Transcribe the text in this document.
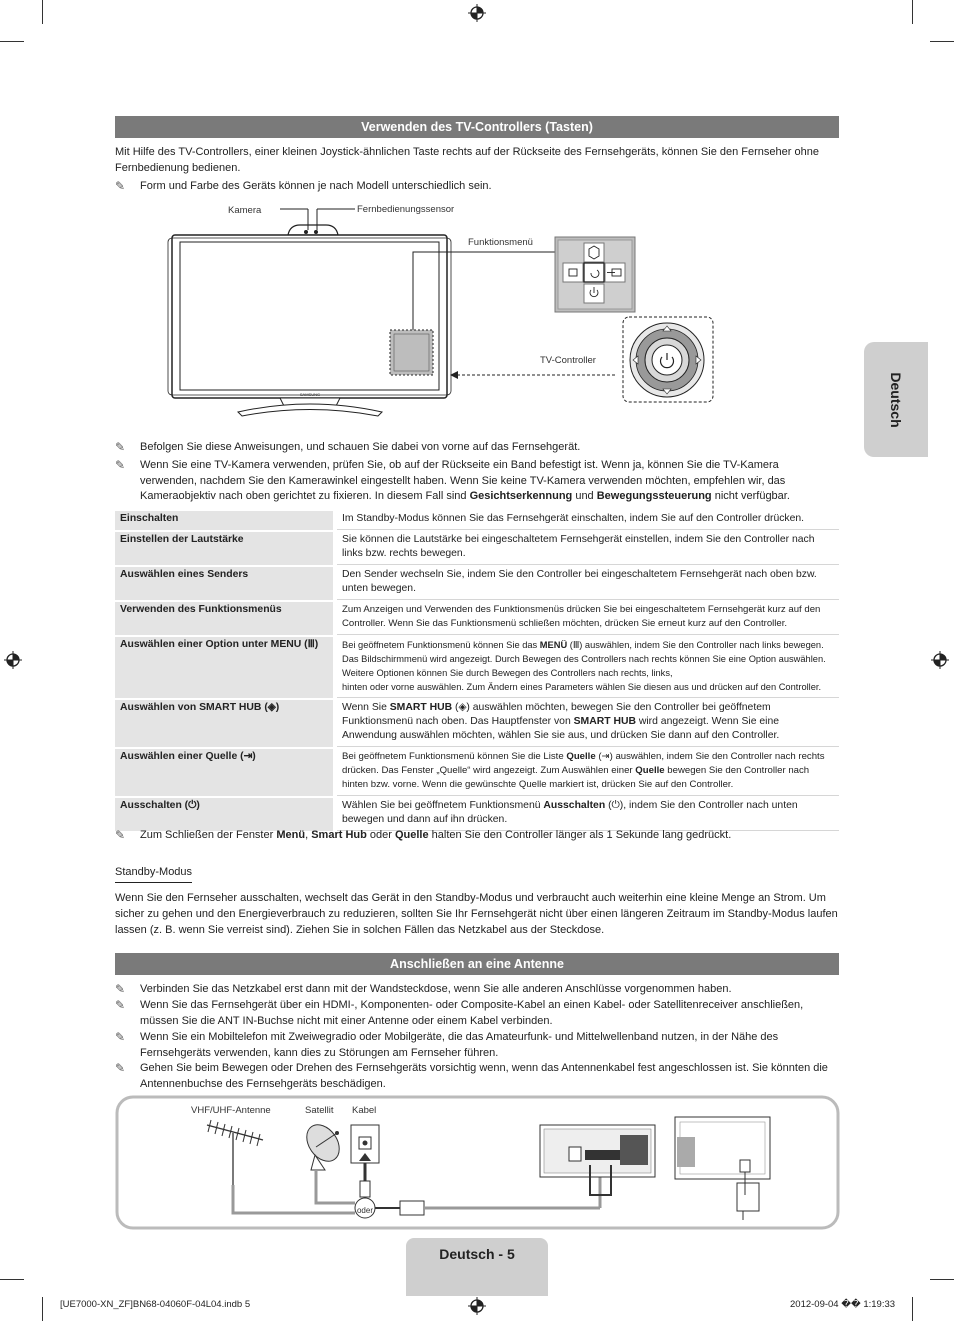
Verwenden des TV-Controllers (Tasten)
Mit Hilfe des TV-Controllers, einer kleinen Joystick-ähnlichen Taste rechts auf der Rückseite des Fernsehgeräts, können Sie den Fernseher ohne
Fernbedienung bedienen.
✎ Form und Farbe des Geräts können je nach Modell unterschiedlich sein.
SAMSUNG
Kamera	Fernbedienungssensor
Funktionsmenü
TV-Controller
✎ Befolgen Sie diese Anweisungen, und schauen Sie dabei von vorne auf das Fernsehgerät.
✎ Wenn Sie eine TV-Kamera verwenden, prüfen Sie, ob auf der Rückseite ein Band befestigt ist. Wenn ja, können Sie die TV-Kamera
verwenden, nachdem Sie den Kamerawinkel eingestellt haben. Wenn Sie keine TV-Kamera verwenden möchten, empfehlen wir, das
Kameraobjektiv nach oben gerichtet zu fixieren. In diesem Fall sind Gesichtserkennung und Bewegungssteuerung nicht verfügbar.
Einschalten	Im Standby-Modus können Sie das Fernsehgerät einschalten, indem Sie auf den Controller drücken.
Einstellen der Lautstärke	Sie können die Lautstärke bei eingeschaltetem Fernsehgerät einstellen, indem Sie den Controller nach links bzw. rechts bewegen.
Auswählen eines Senders	Den Sender wechseln Sie, indem Sie den Controller bei eingeschaltetem Fernsehgerät nach oben bzw. unten bewegen.
Verwenden des Funktionsmenüs	Zum Anzeigen und Verwenden des Funktionsmenüs drücken Sie bei eingeschaltetem Fernsehgerät kurz auf den Controller. Wenn Sie das Funktionsmenü schließen möchten, drücken Sie erneut kurz auf den Controller.
Auswählen einer Option unter MENU (Ⅲ)	Bei geöffnetem Funktionsmenü können Sie das MENÜ (Ⅲ) auswählen, indem Sie den Controller nach links bewegen. Das Bildschirmmenü wird angezeigt. Durch Bewegen des Controllers nach rechts können Sie eine Option auswählen. Weitere Optionen können Sie durch Bewegen des Controllers nach rechts, links,
hinten oder vorne auswählen. Zum Ändern eines Parameters wählen Sie diesen aus und drücken auf den Controller.
Auswählen von SMART HUB (◈)	Wenn Sie SMART HUB (◈) auswählen möchten, bewegen Sie den Controller bei geöffnetem Funktionsmenü nach oben. Das Hauptfenster von SMART HUB wird angezeigt. Wenn Sie eine Anwendung auswählen möchten, wählen Sie sie aus, und drücken Sie dann auf den Controller.
Auswählen einer Quelle (⇥)	Bei geöffnetem Funktionsmenü können Sie die Liste Quelle (⇥) auswählen, indem Sie den Controller nach rechts drücken. Das Fenster „Quelle“ wird angezeigt. Zum Auswählen einer Quelle bewegen Sie den Controller nach hinten bzw. vorne. Wenn die gewünschte Quelle markiert ist, drücken Sie auf den Controller.
Ausschalten (⏻)	Wählen Sie bei geöffnetem Funktionsmenü Ausschalten (⏻), indem Sie den Controller nach unten bewegen und dann auf ihn drücken.
✎ Zum Schließen der Fenster Menü, Smart Hub oder Quelle halten Sie den Controller länger als 1 Sekunde lang gedrückt.
Standby-Modus
Wenn Sie den Fernseher ausschalten, wechselt das Gerät in den Standby-Modus und verbraucht auch weiterhin eine kleine Menge an Strom. Um
sicher zu gehen und den Energieverbrauch zu reduzieren, sollten Sie Ihr Fernsehgerät nicht über einen längeren Zeitraum im Standby-Modus laufen
lassen (z. B. wenn Sie verreist sind). Ziehen Sie in solchen Fällen das Netzkabel aus der Steckdose.
Anschließen an eine Antenne
✎ Verbinden Sie das Netzkabel erst dann mit der Wandsteckdose, wenn Sie alle anderen Anschlüsse vorgenommen haben.
✎ Wenn Sie das Fernsehgerät über ein HDMI-, Komponenten- oder Composite-Kabel an einen Kabel- oder Satellitenreceiver anschließen,
müssen Sie die ANT IN-Buchse nicht mit einer Antenne oder einem Kabel verbinden.
✎ Wenn Sie ein Mobiltelefon mit Zweiwegradio oder Mobilgeräte, die das Amateurfunk- und Mittelwellenband nutzen, in der Nähe des
Fernsehgeräts verwenden, kann dies zu Störungen am Fernseher führen.
✎ Gehen Sie beim Bewegen oder Drehen des Fernsehgeräts vorsichtig wenn, wenn das Antennenkabel fest angeschlossen ist. Sie könnten die
Antennenbuchse des Fernsehgeräts beschädigen.
oder
VHF/UHF-Antenne	Satellit Kabel
Deutsch
Deutsch - 5
[UE7000-XN_ZF]BN68-04060F-04L04.indb 5	2012-09-04 �� 1:19:33
